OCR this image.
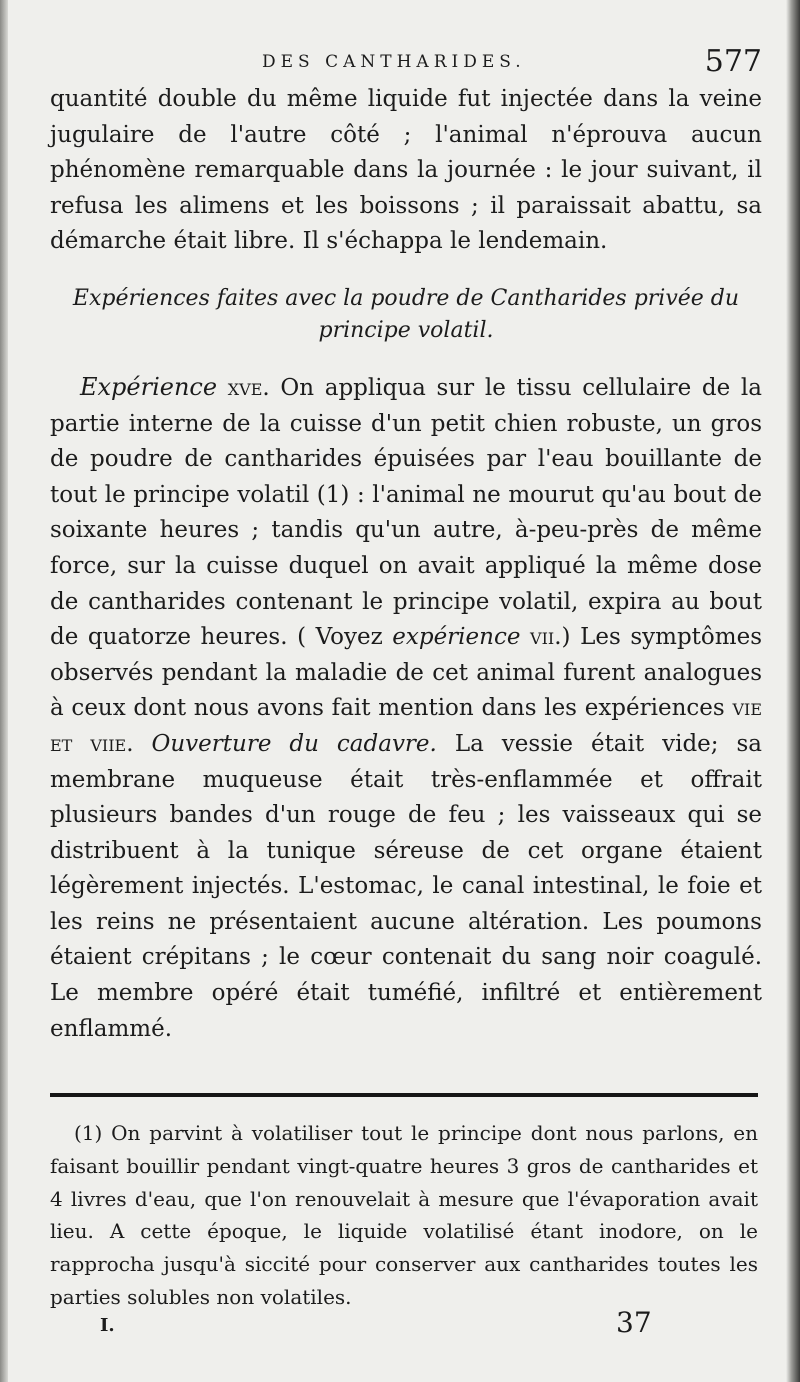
DES CANTHARIDES.	577

quantité double du même liquide fut injectée dans la veine jugulaire de l'autre côté ; l'animal n'éprouva aucun phénomène remarquable dans la journée : le jour suivant, il refusa les alimens et les boissons ; il paraissait abattu, sa démarche était libre. Il s'échappa le lendemain.

Expériences faites avec la poudre de Cantharides privée du principe volatil.

Expérience xve. On appliqua sur le tissu cellulaire de la partie interne de la cuisse d'un petit chien robuste, un gros de poudre de cantharides épuisées par l'eau bouillante de tout le principe volatil (1) : l'animal ne mourut qu'au bout de soixante heures ; tandis qu'un autre, à-peu-près de même force, sur la cuisse duquel on avait appliqué la même dose de cantharides contenant le principe volatil, expira au bout de quatorze heures. ( Voyez expérience vii.) Les symptômes observés pendant la maladie de cet animal furent analogues à ceux dont nous avons fait mention dans les expériences vie et viie. Ouverture du cadavre. La vessie était vide; sa membrane muqueuse était très-enflammée et offrait plusieurs bandes d'un rouge de feu ; les vaisseaux qui se distribuent à la tunique séreuse de cet organe étaient légèrement injectés. L'estomac, le canal intestinal, le foie et les reins ne présentaient aucune altération. Les poumons étaient crépitans ; le cœur contenait du sang noir coagulé. Le membre opéré était tuméfié, infiltré et entièrement enflammé.

(1) On parvint à volatiliser tout le principe dont nous parlons, en faisant bouillir pendant vingt-quatre heures 3 gros de cantharides et 4 livres d'eau, que l'on renouvelait à mesure que l'évaporation avait lieu. A cette époque, le liquide volatilisé étant inodore, on le rapprocha jusqu'à siccité pour conserver aux cantharides toutes les parties solubles non volatiles.

I.	37
